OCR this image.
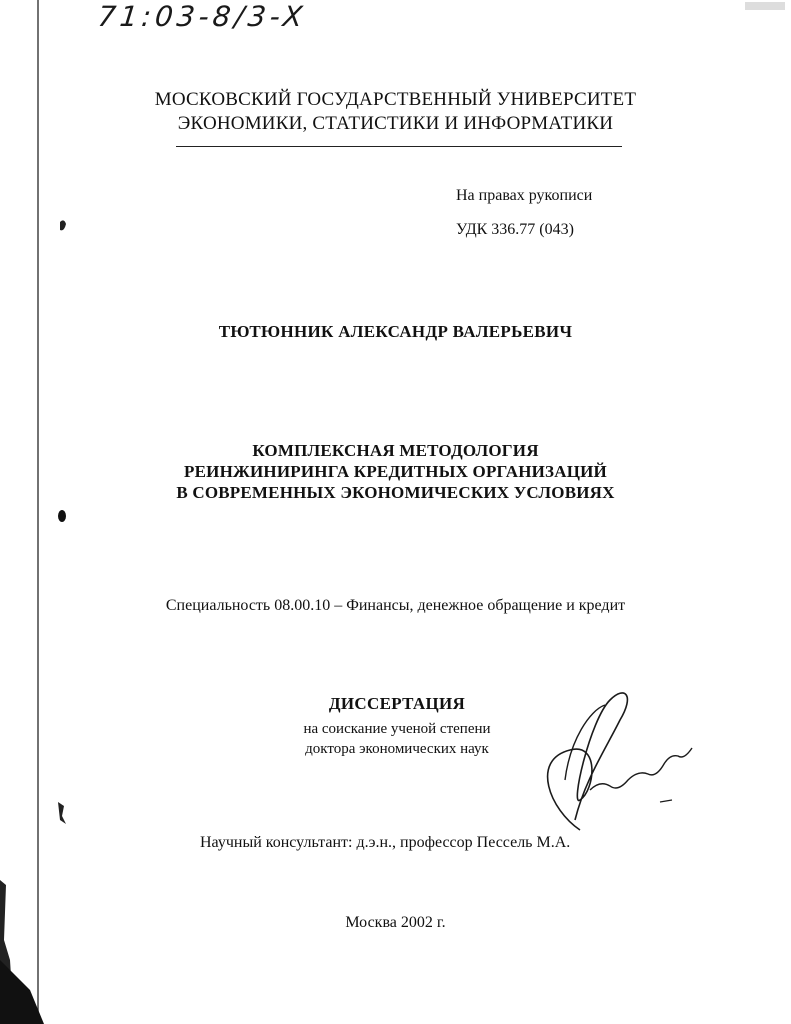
71:03-8/3-X
МОСКОВСКИЙ ГОСУДАРСТВЕННЫЙ УНИВЕРСИТЕТ
ЭКОНОМИКИ, СТАТИСТИКИ И ИНФОРМАТИКИ
На правах рукописи
УДК 336.77 (043)
ТЮТЮННИК АЛЕКСАНДР ВАЛЕРЬЕВИЧ
КОМПЛЕКСНАЯ МЕТОДОЛОГИЯ
РЕИНЖИНИРИНГА КРЕДИТНЫХ ОРГАНИЗАЦИЙ
В СОВРЕМЕННЫХ ЭКОНОМИЧЕСКИХ УСЛОВИЯХ
Специальность 08.00.10 – Финансы, денежное обращение и кредит
ДИССЕРТАЦИЯ
на соискание ученой степени
доктора экономических наук
Научный консультант: д.э.н., профессор Пессель М.А.
Москва 2002 г.
